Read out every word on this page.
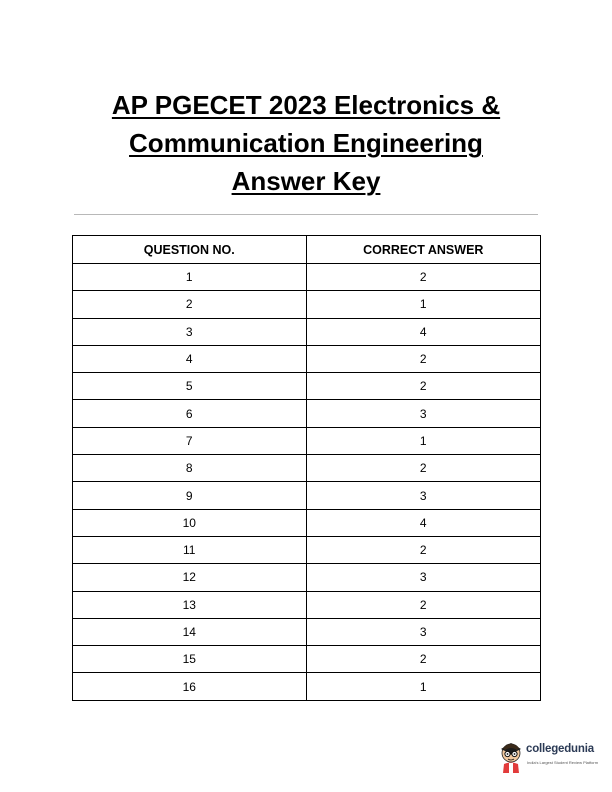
AP PGECET 2023 Electronics &
Communication Engineering
Answer Key
QUESTION NO.	CORRECT ANSWER
1	2
2	1
3	4
4	2
5	2
6	3
7	1
8	2
9	3
10	4
11	2
12	3
13	2
14	3
15	2
16	1
collegedunia
India's Largest Student Review Platform
